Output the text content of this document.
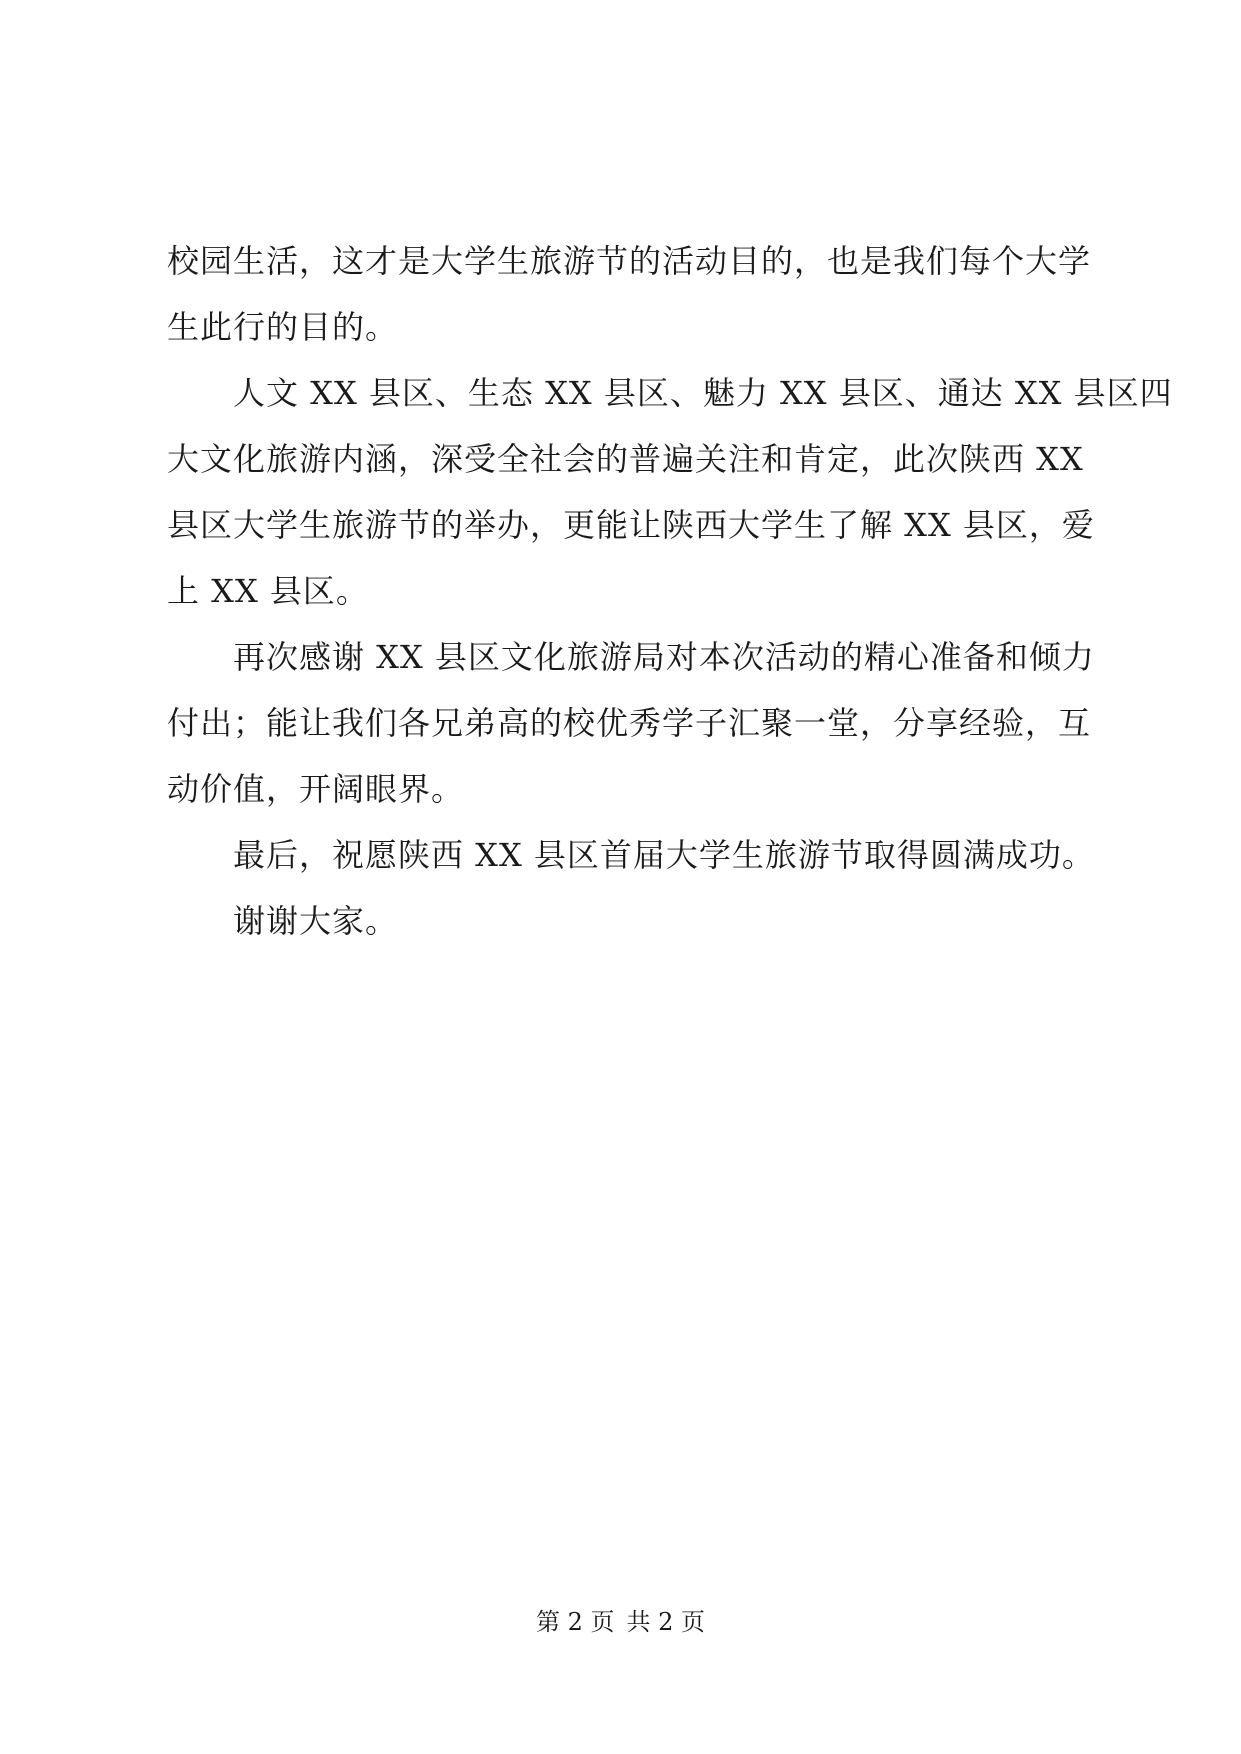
校园生活，这才是大学生旅游节的活动目的，也是我们每个大学
生此行的目的。
人文 XX 县区、生态 XX 县区、魅力 XX 县区、通达 XX 县区四
大文化旅游内涵，深受全社会的普遍关注和肯定，此次陕西 XX
县区大学生旅游节的举办，更能让陕西大学生了解 XX 县区，爱
上 XX 县区。
再次感谢 XX 县区文化旅游局对本次活动的精心准备和倾力
付出；能让我们各兄弟高的校优秀学子汇聚一堂，分享经验，互
动价值，开阔眼界。
最后，祝愿陕西 XX 县区首届大学生旅游节取得圆满成功。
谢谢大家。
第 2 页 共 2 页
